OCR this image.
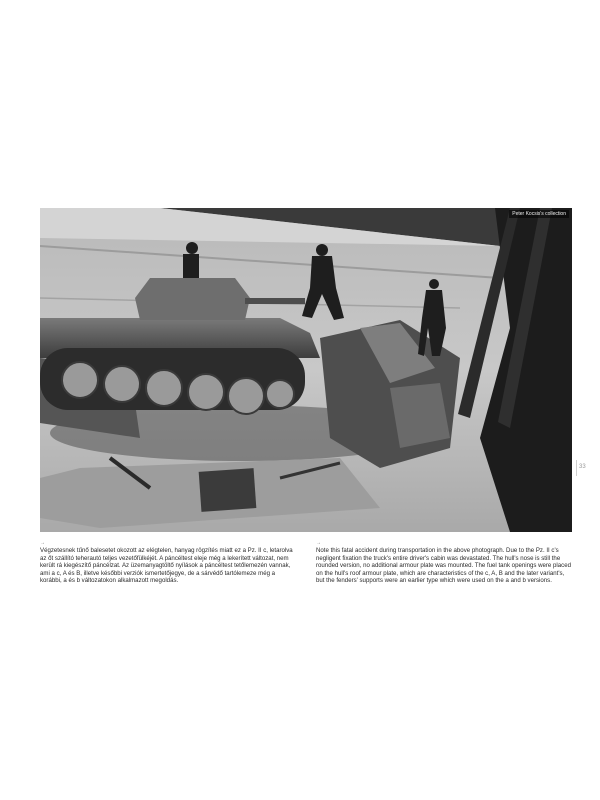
Peter Kocsis's collection
33
→
Végzetesnek tűnő balesetet okozott az elégtelen, hanyag rögzítés miatt ez a Pz. II c, letarolva az őt szállító teherautó teljes vezetőfülkéjét. A páncéltest eleje még a lekerített változat, nem került rá kiegészítő páncélzat. Az üzemanyagtöltő nyílások a páncéltest tetőlemezén vannak, ami a c, A és B, illetve későbbi verziók ismertetőjegye, de a sárvédő tartólemeze még a korábbi, a és b változatokon alkalmazott megoldás.
→
Note this fatal accident during transportation in the above photograph. Due to the Pz. II c's negligent fixation the truck's entire driver's cabin was devastated. The hull's nose is still the rounded version, no additional armour plate was mounted. The fuel tank openings were placed on the hull's roof armour plate, which are characteristics of the c, A, B and the later variant's, but the fenders' supports were an earlier type which were used on the a and b versions.
